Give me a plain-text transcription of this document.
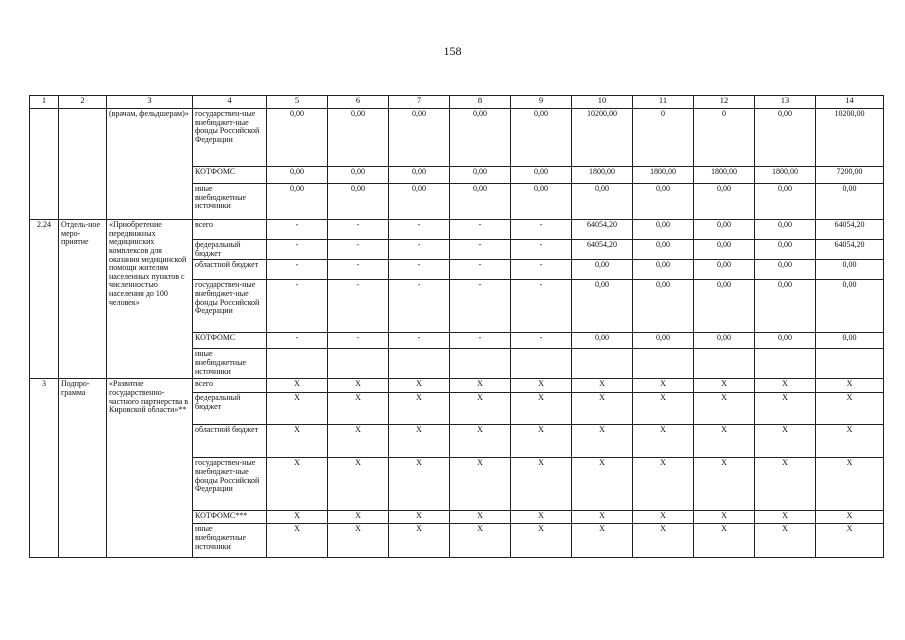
158
1	2	3	4	5	6	7	8	9	10	11	12	13	14
		(врачам, фельдшерам)»	государствен-ные внебюджет-ные фонды Российской Федерации	0,00	0,00	0,00	0,00	0,00	10200,00	0	0	0,00	10200,00
			КОТФОМС	0,00	0,00	0,00	0,00	0,00	1800,00	1800,00	1800,00	1800,00	7200,00
			иные внебюджетные источники	0,00	0,00	0,00	0,00	0,00	0,00	0,00	0,00	0,00	0,00
2.24	Отдель-ное меро-приятие	«Приобретение передвижных медицинских комплексов для оказания медицинской помощи жителям населенных пунктов с численностью населения до 100 человек»	всего	-	-	-	-	-	64054,20	0,00	0,00	0,00	64054,20
			федеральный бюджет	-	-	-	-	-	64054,20	0,00	0,00	0,00	64054,20
			областной бюджет	-	-	-	-	-	0,00	0,00	0,00	0,00	0,00
			государствен-ные внебюджет-ные фонды Российской Федерации	-	-	-	-	-	0,00	0,00	0,00	0,00	0,00
			КОТФОМС	-	-	-	-	-	0,00	0,00	0,00	0,00	0,00
			иные внебюджетные источники										
3	Подпро-грамма	«Развитие государственно-частного партнерства в Кировской области»**	всего	X	X	X	X	X	X	X	X	X	X
			федеральный бюджет	X	X	X	X	X	X	X	X	X	X
			областной бюджет	X	X	X	X	X	X	X	X	X	X
			государствен-ные внебюджет-ные фонды Российской Федерации	X	X	X	X	X	X	X	X	X	X
			КОТФОМС***	X	X	X	X	X	X	X	X	X	X
			иные внебюджетные источники	X	X	X	X	X	X	X	X	X	X
